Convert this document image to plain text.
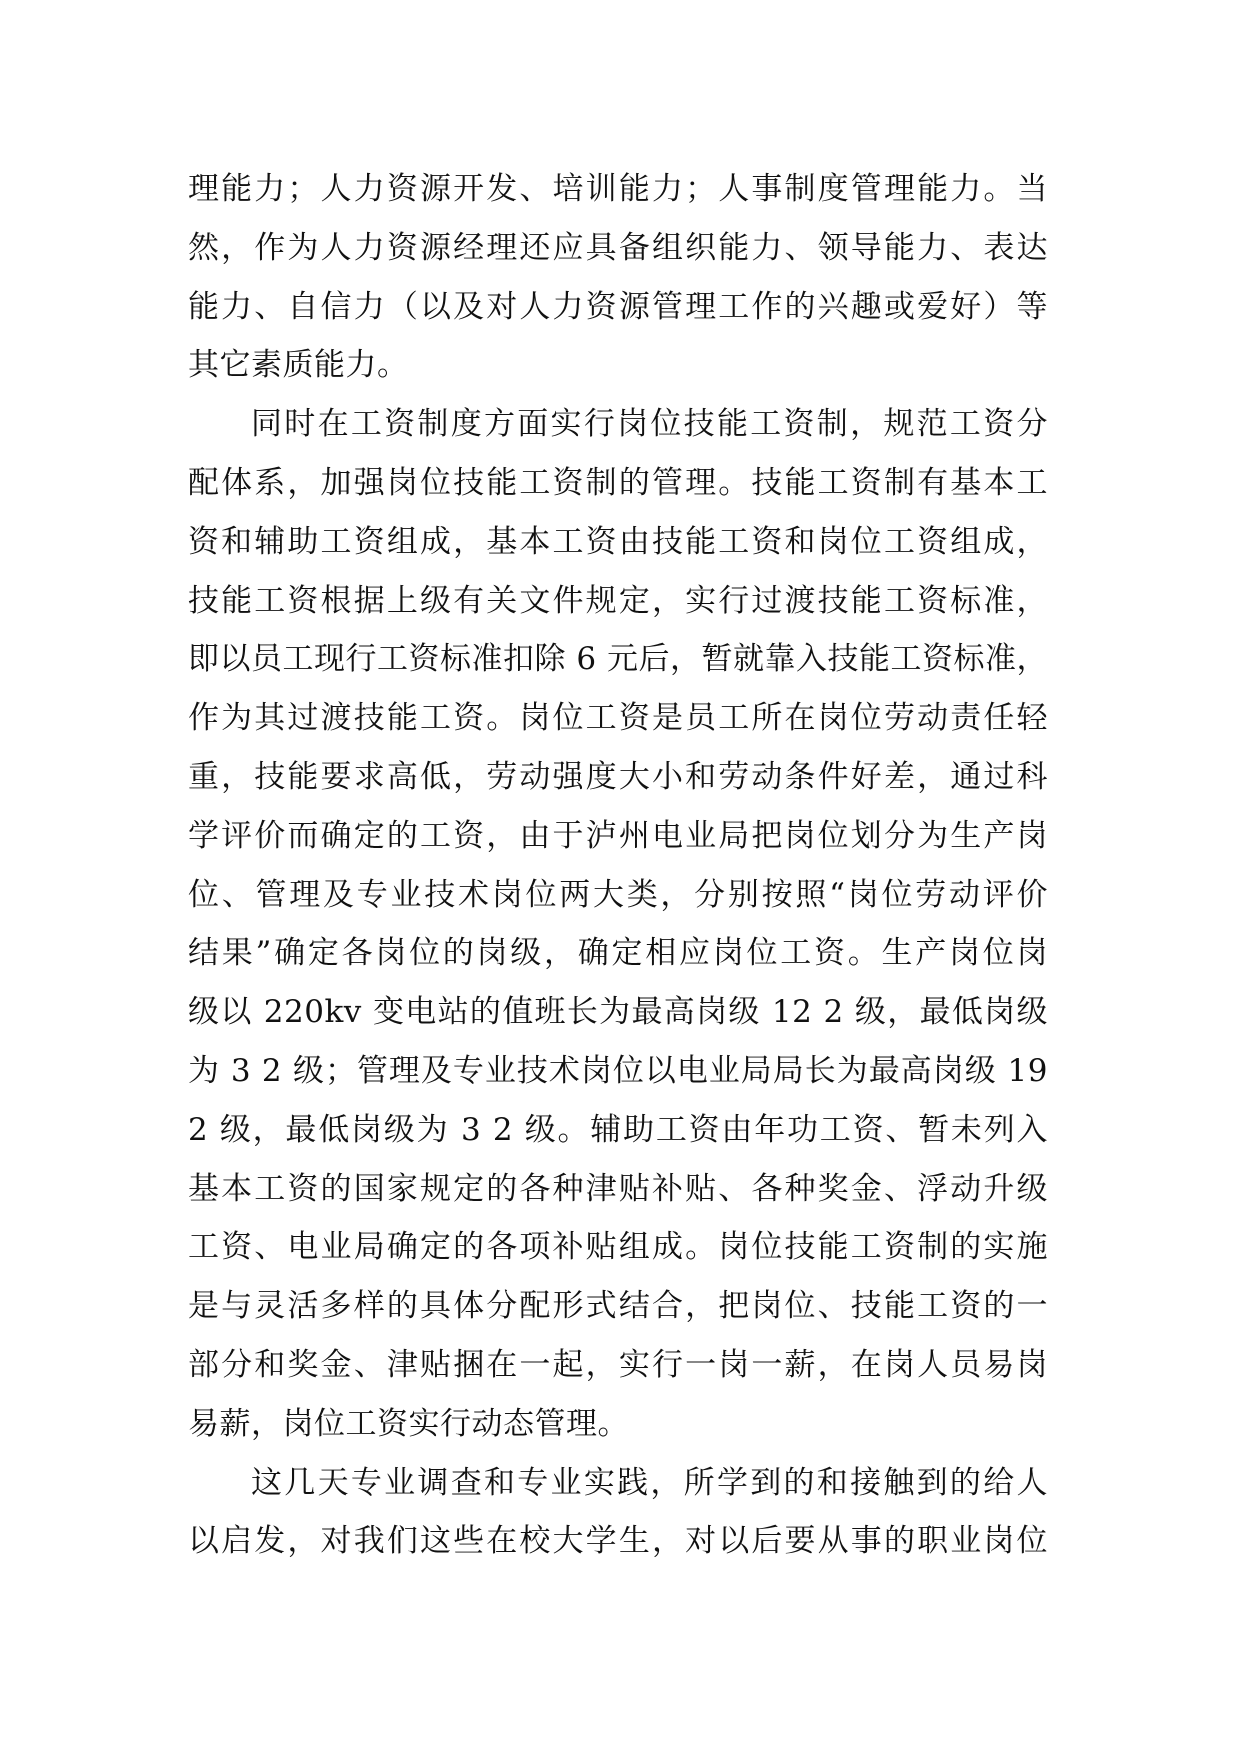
理能力；人力资源开发、培训能力；人事制度管理能力。当
然，作为人力资源经理还应具备组织能力、领导能力、表达
能力、自信力（以及对人力资源管理工作的兴趣或爱好）等
其它素质能力。
同时在工资制度方面实行岗位技能工资制，规范工资分
配体系，加强岗位技能工资制的管理。技能工资制有基本工
资和辅助工资组成，基本工资由技能工资和岗位工资组成，
技能工资根据上级有关文件规定，实行过渡技能工资标准，
即以员工现行工资标准扣除 6 元后，暂就靠入技能工资标准，
作为其过渡技能工资。岗位工资是员工所在岗位劳动责任轻
重，技能要求高低，劳动强度大小和劳动条件好差，通过科
学评价而确定的工资，由于泸州电业局把岗位划分为生产岗
位、管理及专业技术岗位两大类，分别按照“岗位劳动评价
结果”确定各岗位的岗级，确定相应岗位工资。生产岗位岗
级以 220kv 变电站的值班长为最高岗级 12 2 级，最低岗级
为 3 2 级；管理及专业技术岗位以电业局局长为最高岗级 19
2 级，最低岗级为 3 2 级。辅助工资由年功工资、暂未列入
基本工资的国家规定的各种津贴补贴、各种奖金、浮动升级
工资、电业局确定的各项补贴组成。岗位技能工资制的实施
是与灵活多样的具体分配形式结合，把岗位、技能工资的一
部分和奖金、津贴捆在一起，实行一岗一薪，在岗人员易岗
易薪，岗位工资实行动态管理。
这几天专业调查和专业实践，所学到的和接触到的给人
以启发，对我们这些在校大学生，对以后要从事的职业岗位
